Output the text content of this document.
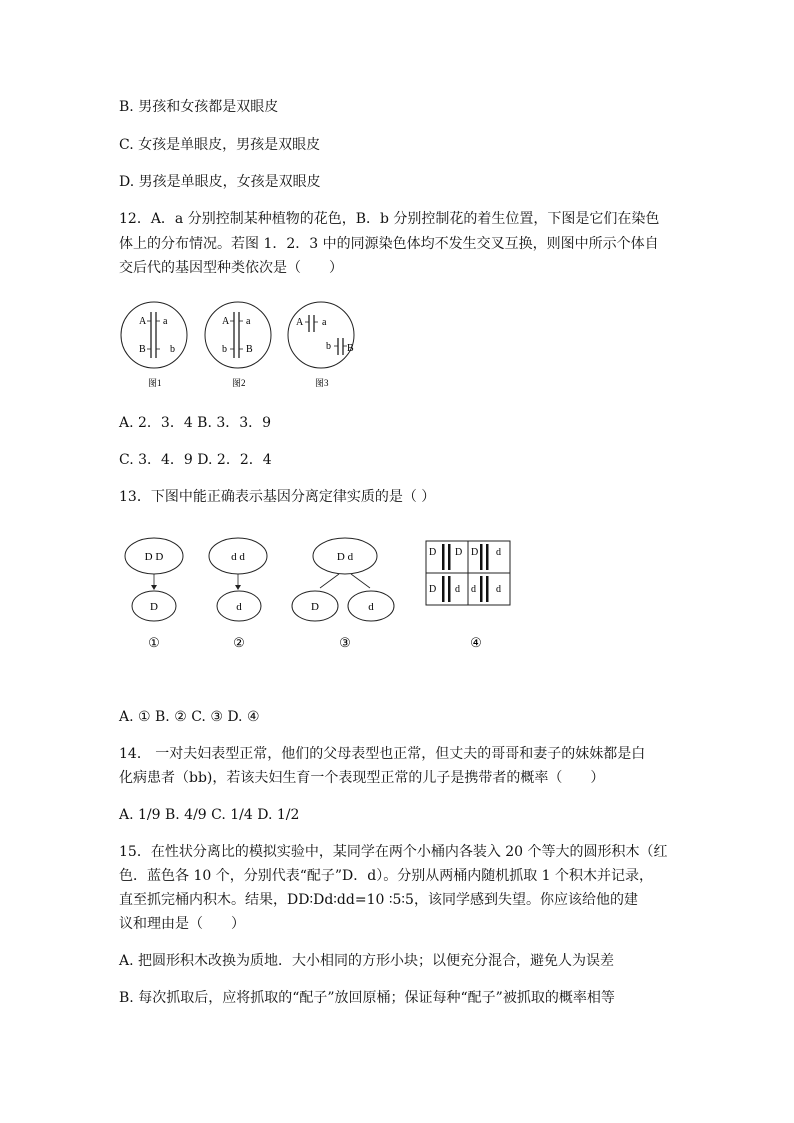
B. 男孩和女孩都是双眼皮
C. 女孩是单眼皮，男孩是双眼皮
D. 男孩是单眼皮，女孩是双眼皮
12．A．a 分别控制某种植物的花色，B．b 分别控制花的着生位置，下图是它们在染色
体上的分布情况。若图 1．2．3 中的同源染色体均不发生交叉互换，则图中所示个体自
交后代的基因型种类依次是（　　）
A a
B b
图1
A a
b B
图2
A a
b B
图3
A. 2．3．4 B. 3．3．9
C. 3．4．9 D. 2．2．4
13．下图中能正确表示基因分离定律实质的是（ ）
D D
D
①
d d
d
②
D d
D	d
③
D D D d
D d d d
④
A. ① B. ② C. ③ D. ④
14． 一对夫妇表型正常，他们的父母表型也正常，但丈夫的哥哥和妻子的妹妹都是白
化病患者（bb)，若该夫妇生育一个表现型正常的儿子是携带者的概率（　　）
A. 1/9 B. 4/9 C. 1/4 D. 1/2
15．在性状分离比的模拟实验中，某同学在两个小桶内各装入 20 个等大的圆形积木（红
色．蓝色各 10 个，分别代表“配子”D．d）。分别从两桶内随机抓取 1 个积木并记录，
直至抓完桶内积木。结果，DD∶Dd∶dd=10 ∶5∶5，该同学感到失望。你应该给他的建
议和理由是（　　）
A. 把圆形积木改换为质地．大小相同的方形小块；以便充分混合，避免人为误差
B. 每次抓取后，应将抓取的“配子”放回原桶；保证每种“配子”被抓取的概率相等
